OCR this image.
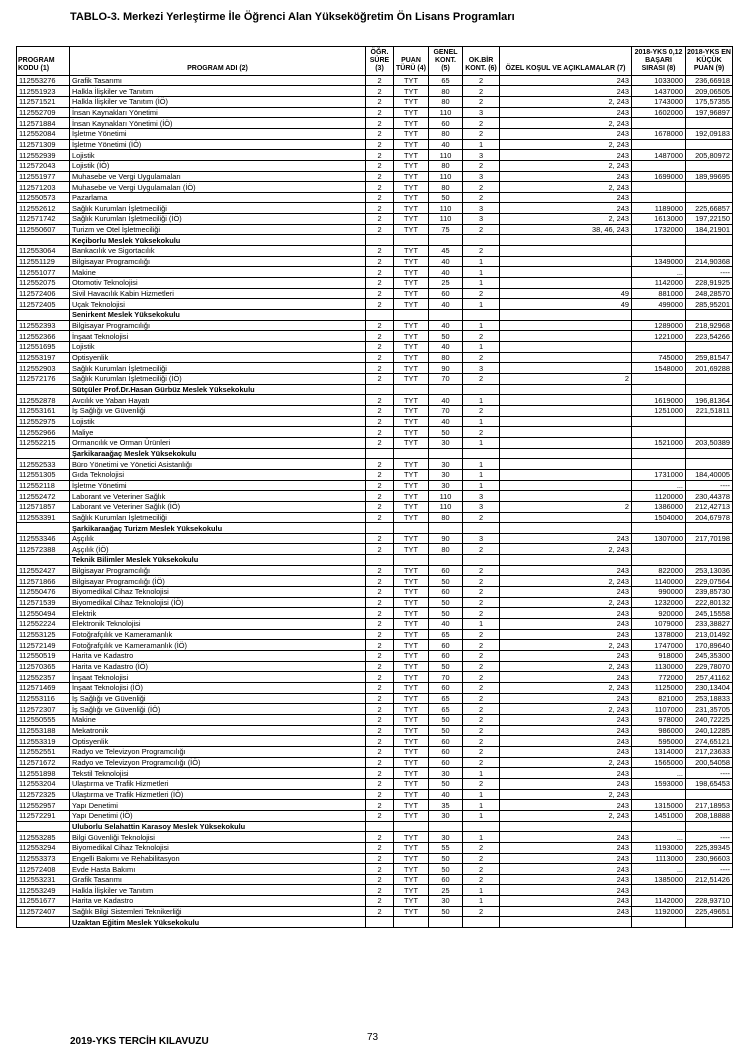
TABLO-3. Merkezi Yerleştirme İle Öğrenci Alan Yükseköğretim Ön Lisans Programları
PROGRAM KODU (1)	PROGRAM ADI (2)	ÖĞR. SÜRE (3)	PUAN TÜRÜ (4)	GENEL KONT. (5)	OK.BİR KONT. (6)	ÖZEL KOŞUL VE AÇIKLAMALAR (7)	2018-YKS 0,12 BAŞARI SIRASI (8)	2018-YKS EN KÜÇÜK PUAN (9)
112553276	Grafik Tasarımı	2	TYT	65	2	243	1033000	236,66918
112551923	Halkla İlişkiler ve Tanıtım	2	TYT	80	2	243	1437000	209,06505
112571521	Halkla İlişkiler ve Tanıtım (İÖ)	2	TYT	80	2	2, 243	1743000	175,57355
112552709	İnsan Kaynakları Yönetimi	2	TYT	110	3	243	1602000	197,96897
112571884	İnsan Kaynakları Yönetimi (İÖ)	2	TYT	60	2	2, 243		
112552084	İşletme Yönetimi	2	TYT	80	2	243	1678000	192,09183
112571309	İşletme Yönetimi (İÖ)	2	TYT	40	1	2, 243		
112552939	Lojistik	2	TYT	110	3	243	1487000	205,80972
112572043	Lojistik (İÖ)	2	TYT	80	2	2, 243		
112551977	Muhasebe ve Vergi Uygulamaları	2	TYT	110	3	243	1699000	189,99695
112571203	Muhasebe ve Vergi Uygulamaları (İÖ)	2	TYT	80	2	2, 243		
112550573	Pazarlama	2	TYT	50	2	243		
112552612	Sağlık Kurumları İşletmeciliği	2	TYT	110	3	243	1189000	225,66857
112571742	Sağlık Kurumları İşletmeciliği (İÖ)	2	TYT	110	3	2, 243	1613000	197,22150
112550607	Turizm ve Otel İşletmeciliği	2	TYT	75	2	38, 46, 243	1732000	184,21901
	Keçiborlu Meslek Yüksekokulu							
112553064	Bankacılık ve Sigortacılık	2	TYT	45	2			
112551129	Bilgisayar Programcılığı	2	TYT	40	1		1349000	214,90368
112551077	Makine	2	TYT	40	1		...	----
112552075	Otomotiv Teknolojisi	2	TYT	25	1		1142000	228,91925
112572406	Sivil Havacılık Kabin Hizmetleri	2	TYT	60	2	49	881000	248,28570
112572405	Uçak Teknolojisi	2	TYT	40	1	49	499000	285,95201
	Senirkent Meslek Yüksekokulu							
112552393	Bilgisayar Programcılığı	2	TYT	40	1		1289000	218,92968
112552366	İnşaat Teknolojisi	2	TYT	50	2		1221000	223,54266
112551695	Lojistik	2	TYT	40	1			
112553197	Optisyenlik	2	TYT	80	2		745000	259,81547
112552903	Sağlık Kurumları İşletmeciliği	2	TYT	90	3		1548000	201,69288
112572176	Sağlık Kurumları İşletmeciliği (İÖ)	2	TYT	70	2	2		
	Sütçüler Prof.Dr.Hasan Gürbüz Meslek Yüksekokulu							
112552878	Avcılık ve Yaban Hayatı	2	TYT	40	1		1619000	196,81364
112553161	İş Sağlığı ve Güvenliği	2	TYT	70	2		1251000	221,51811
112552975	Lojistik	2	TYT	40	1			
112552966	Maliye	2	TYT	50	2			
112552215	Ormancılık ve Orman Ürünleri	2	TYT	30	1		1521000	203,50389
	Şarkikaraağaç Meslek Yüksekokulu							
112552533	Büro Yönetimi ve Yönetici Asistanlığı	2	TYT	30	1			
112551305	Gıda Teknolojisi	2	TYT	30	1		1731000	184,40005
112552118	İşletme Yönetimi	2	TYT	30	1		...	----
112552472	Laborant ve Veteriner Sağlık	2	TYT	110	3		1120000	230,44378
112571857	Laborant ve Veteriner Sağlık (İÖ)	2	TYT	110	3	2	1386000	212,42713
112553391	Sağlık Kurumları İşletmeciliği	2	TYT	80	2		1504000	204,67978
	Şarkikaraağaç Turizm Meslek Yüksekokulu							
112553346	Aşçılık	2	TYT	90	3	243	1307000	217,70198
112572388	Aşçılık (İÖ)	2	TYT	80	2	2, 243		
	Teknik Bilimler Meslek Yüksekokulu							
112552427	Bilgisayar Programcılığı	2	TYT	60	2	243	822000	253,13036
112571866	Bilgisayar Programcılığı (İÖ)	2	TYT	50	2	2, 243	1140000	229,07564
112550476	Biyomedikal Cihaz Teknolojisi	2	TYT	60	2	243	990000	239,85730
112571539	Biyomedikal Cihaz Teknolojisi (İÖ)	2	TYT	50	2	2, 243	1232000	222,80132
112550494	Elektrik	2	TYT	50	2	243	920000	245,15558
112552224	Elektronik Teknolojisi	2	TYT	40	1	243	1079000	233,38827
112553125	Fotoğrafçılık ve Kameramanlık	2	TYT	65	2	243	1378000	213,01492
112572149	Fotoğrafçılık ve Kameramanlık (İÖ)	2	TYT	60	2	2, 243	1747000	170,89640
112550519	Harita ve Kadastro	2	TYT	60	2	243	918000	245,35300
112570365	Harita ve Kadastro (İÖ)	2	TYT	50	2	2, 243	1130000	229,78070
112552357	İnşaat Teknolojisi	2	TYT	70	2	243	772000	257,41162
112571469	İnşaat Teknolojisi (İÖ)	2	TYT	60	2	2, 243	1125000	230,13404
112553116	İş Sağlığı ve Güvenliği	2	TYT	65	2	243	821000	253,18833
112572307	İş Sağlığı ve Güvenliği (İÖ)	2	TYT	65	2	2, 243	1107000	231,35705
112550555	Makine	2	TYT	50	2	243	978000	240,72225
112553188	Mekatronik	2	TYT	50	2	243	986000	240,12285
112553319	Optisyenlik	2	TYT	60	2	243	595000	274,65121
112552551	Radyo ve Televizyon Programcılığı	2	TYT	60	2	243	1314000	217,23633
112571672	Radyo ve Televizyon Programcılığı (İÖ)	2	TYT	60	2	2, 243	1565000	200,54058
112551898	Tekstil Teknolojisi	2	TYT	30	1	243	...	----
112553204	Ulaştırma ve Trafik Hizmetleri	2	TYT	50	2	243	1593000	198,65453
112572325	Ulaştırma ve Trafik Hizmetleri (İÖ)	2	TYT	40	1	2, 243		
112552957	Yapı Denetimi	2	TYT	35	1	243	1315000	217,18953
112572291	Yapı Denetimi (İÖ)	2	TYT	30	1	2, 243	1451000	208,18888
	Uluborlu Selahattin Karasoy Meslek Yüksekokulu							
112553285	Bilgi Güvenliği Teknolojisi	2	TYT	30	1	243	...	----
112553294	Biyomedikal Cihaz Teknolojisi	2	TYT	55	2	243	1193000	225,39345
112553373	Engelli Bakımı ve Rehabilitasyon	2	TYT	50	2	243	1113000	230,96603
112572408	Evde Hasta Bakımı	2	TYT	50	2	243	...	----
112553231	Grafik Tasarımı	2	TYT	60	2	243	1385000	212,51426
112553249	Halkla İlişkiler ve Tanıtım	2	TYT	25	1	243		
112551677	Harita ve Kadastro	2	TYT	30	1	243	1142000	228,93710
112572407	Sağlık Bilgi Sistemleri Teknikerliği	2	TYT	50	2	243	1192000	225,49651
	Uzaktan Eğitim Meslek Yüksekokulu							
2019-YKS TERCİH KILAVUZU	73
